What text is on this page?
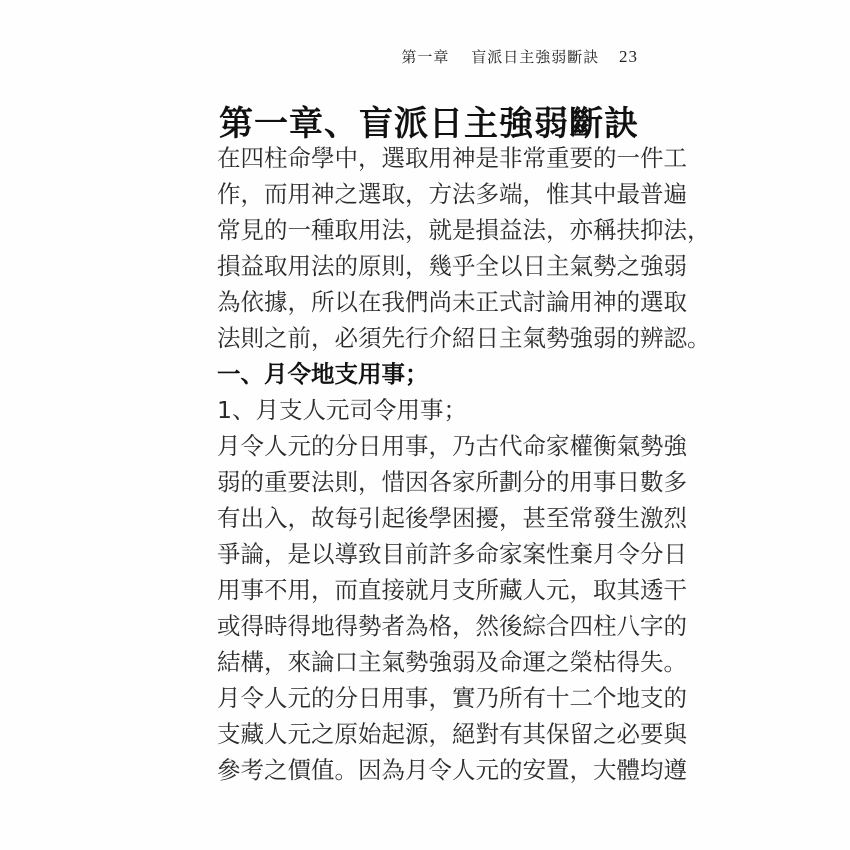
第一章 盲派日主強弱斷訣 23
第一章、盲派日主強弱斷訣
在四柱命學中，選取用神是非常重要的一件工
作，而用神之選取，方法多端，惟其中最普遍
常見的一種取用法，就是損益法，亦稱扶抑法，
損益取用法的原則，幾乎全以日主氣勢之強弱
為依據，所以在我們尚未正式討論用神的選取
法則之前，必須先行介紹日主氣勢強弱的辨認。
一、月令地支用事；
1、月支人元司令用事；
月令人元的分日用事，乃古代命家權衡氣勢強
弱的重要法則，惜因各家所劃分的用事日數多
有出入，故每引起後學困擾，甚至常發生激烈
爭論，是以導致目前許多命家案性棄月令分日
用事不用，而直接就月支所藏人元，取其透干
或得時得地得勢者為格，然後綜合四柱八字的
結構，來論口主氣勢強弱及命運之榮枯得失。
月令人元的分日用事，實乃所有十二个地支的
支藏人元之原始起源，絕對有其保留之必要與
參考之價值。因為月令人元的安置，大體均遵
